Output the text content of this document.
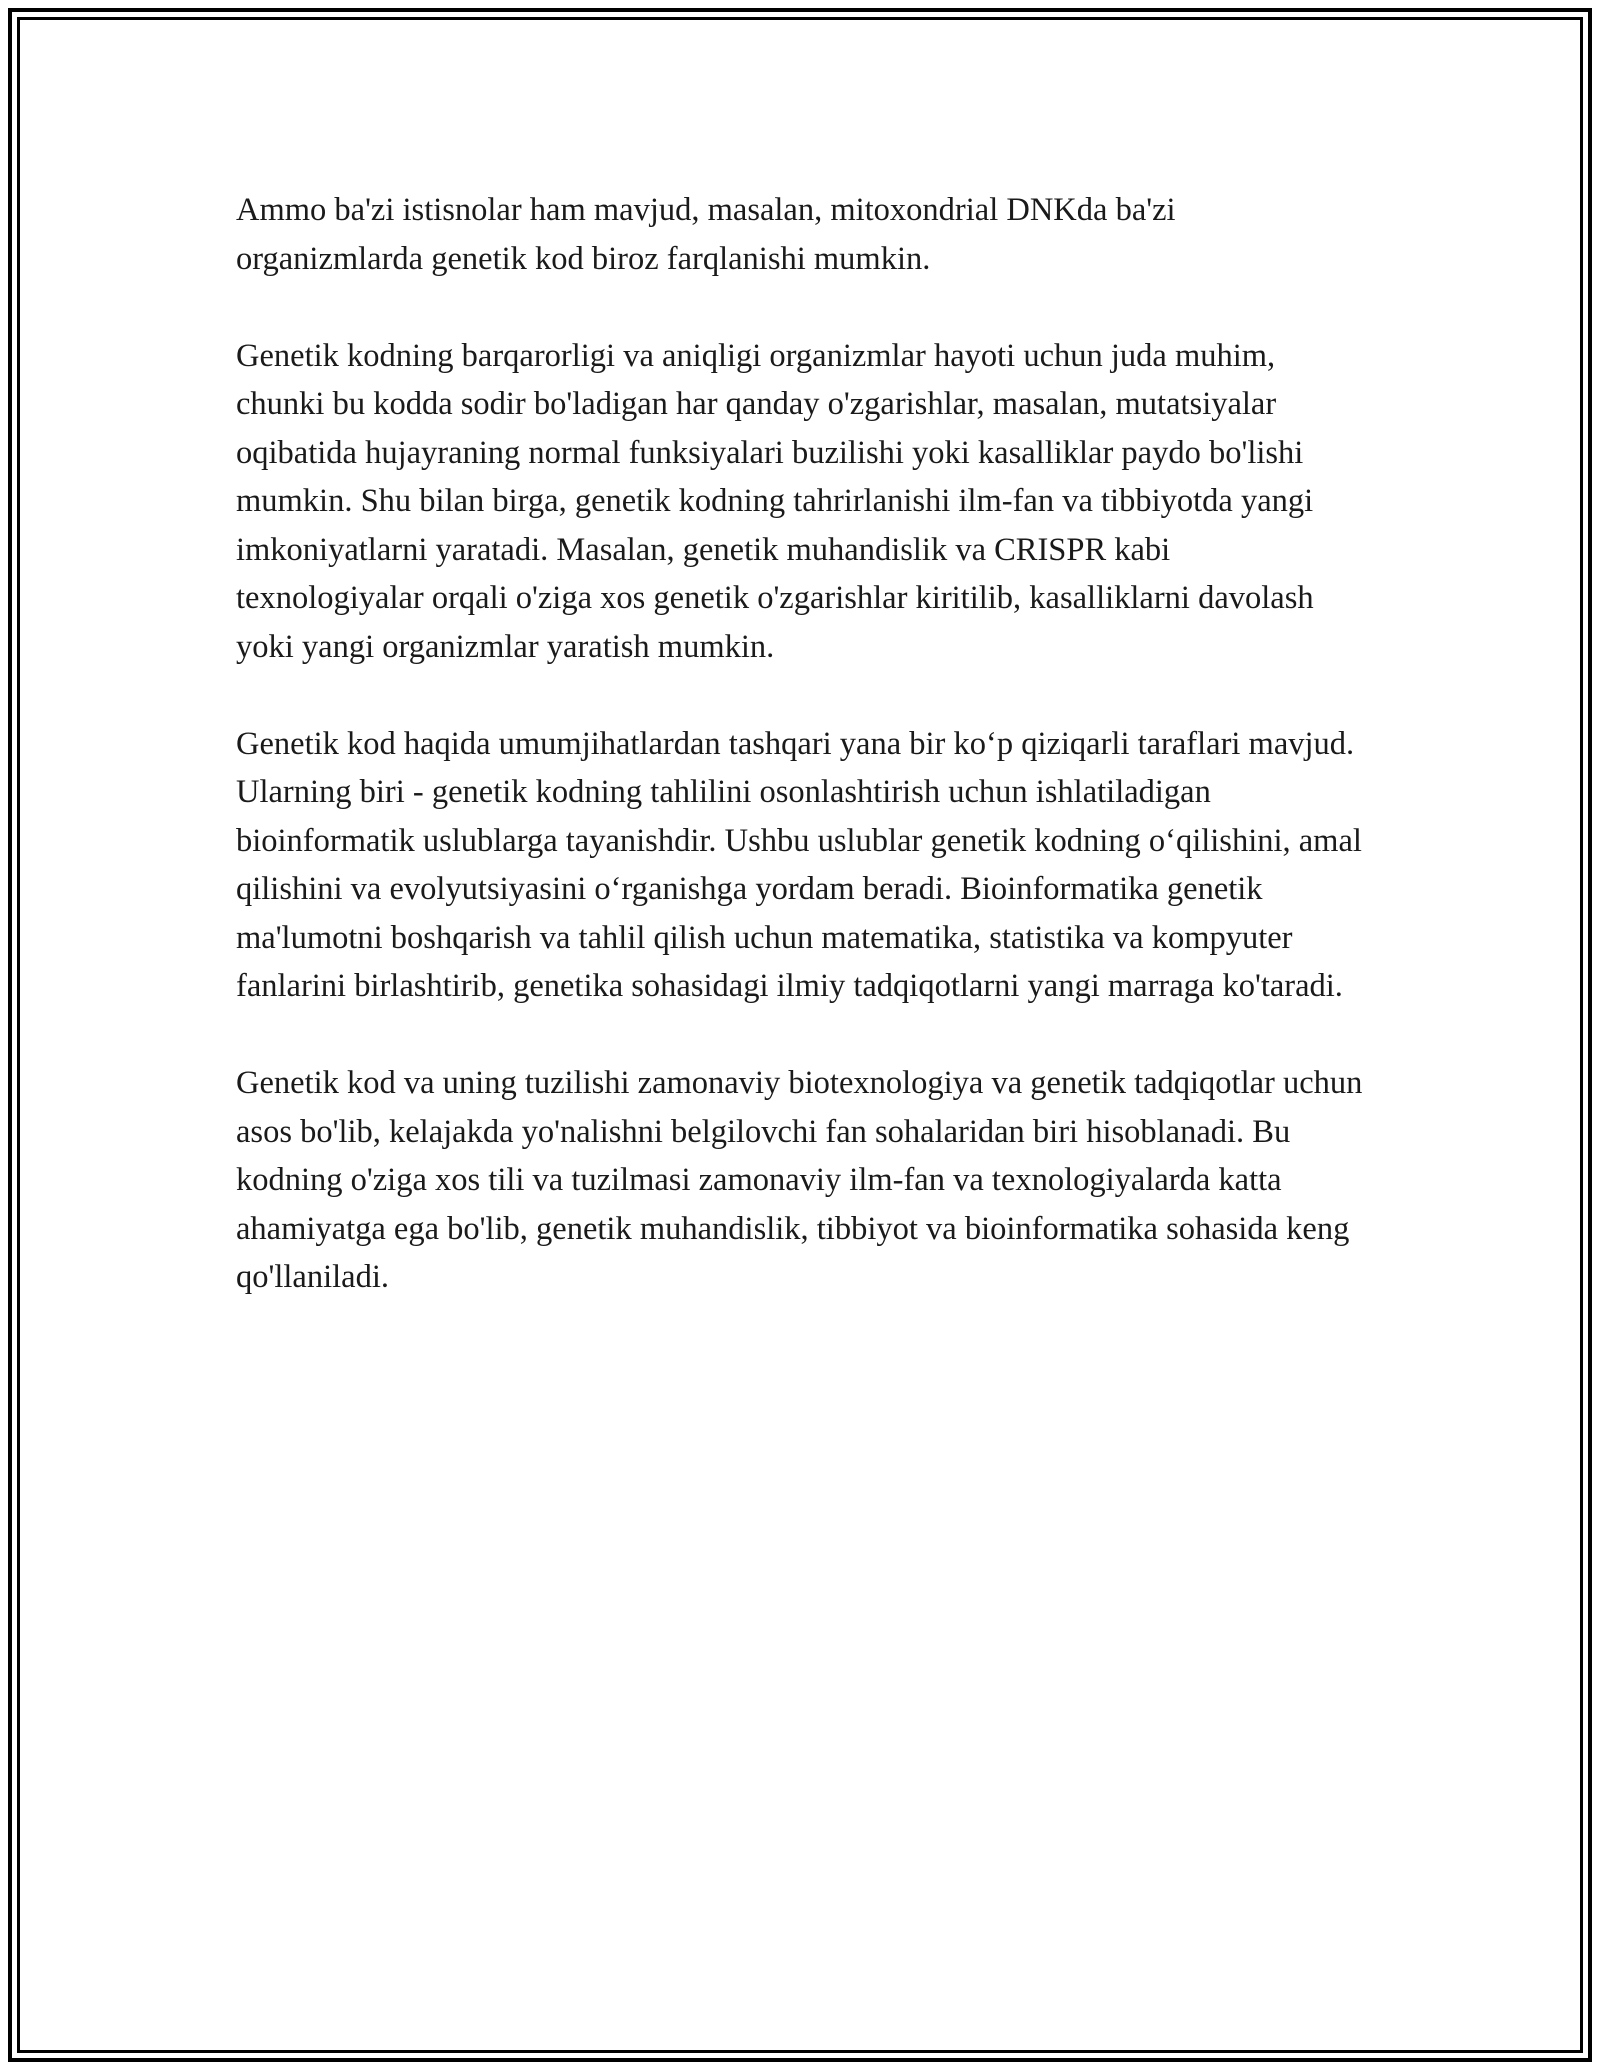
Ammo ba'zi istisnolar ham mavjud, masalan, mitoxondrial DNKda ba'zi organizmlarda genetik kod biroz farqlanishi mumkin.

Genetik kodning barqarorligi va aniqligi organizmlar hayoti uchun juda muhim, chunki bu kodda sodir bo'ladigan har qanday o'zgarishlar, masalan, mutatsiyalar oqibatida hujayraning normal funksiyalari buzilishi yoki kasalliklar paydo bo'lishi mumkin. Shu bilan birga, genetik kodning tahrirlanishi ilm-fan va tibbiyotda yangi imkoniyatlarni yaratadi. Masalan, genetik muhandislik va CRISPR kabi texnologiyalar orqali o'ziga xos genetik o'zgarishlar kiritilib, kasalliklarni davolash yoki yangi organizmlar yaratish mumkin.

Genetik kod haqida umumjihatlardan tashqari yana bir ko‘p qiziqarli taraflari mavjud. Ularning biri - genetik kodning tahlilini osonlashtirish uchun ishlatiladigan bioinformatik uslublarga tayanishdir. Ushbu uslublar genetik kodning o‘qilishini, amal qilishini va evolyutsiyasini o‘rganishga yordam beradi. Bioinformatika genetik ma'lumotni boshqarish va tahlil qilish uchun matematika, statistika va kompyuter fanlarini birlashtirib, genetika sohasidagi ilmiy tadqiqotlarni yangi marraga ko'taradi.

Genetik kod va uning tuzilishi zamonaviy biotexnologiya va genetik tadqiqotlar uchun asos bo'lib, kelajakda yo'nalishni belgilovchi fan sohalaridan biri hisoblanadi. Bu kodning o'ziga xos tili va tuzilmasi zamonaviy ilm-fan va texnologiyalarda katta ahamiyatga ega bo'lib, genetik muhandislik, tibbiyot va bioinformatika sohasida keng qo'llaniladi.
